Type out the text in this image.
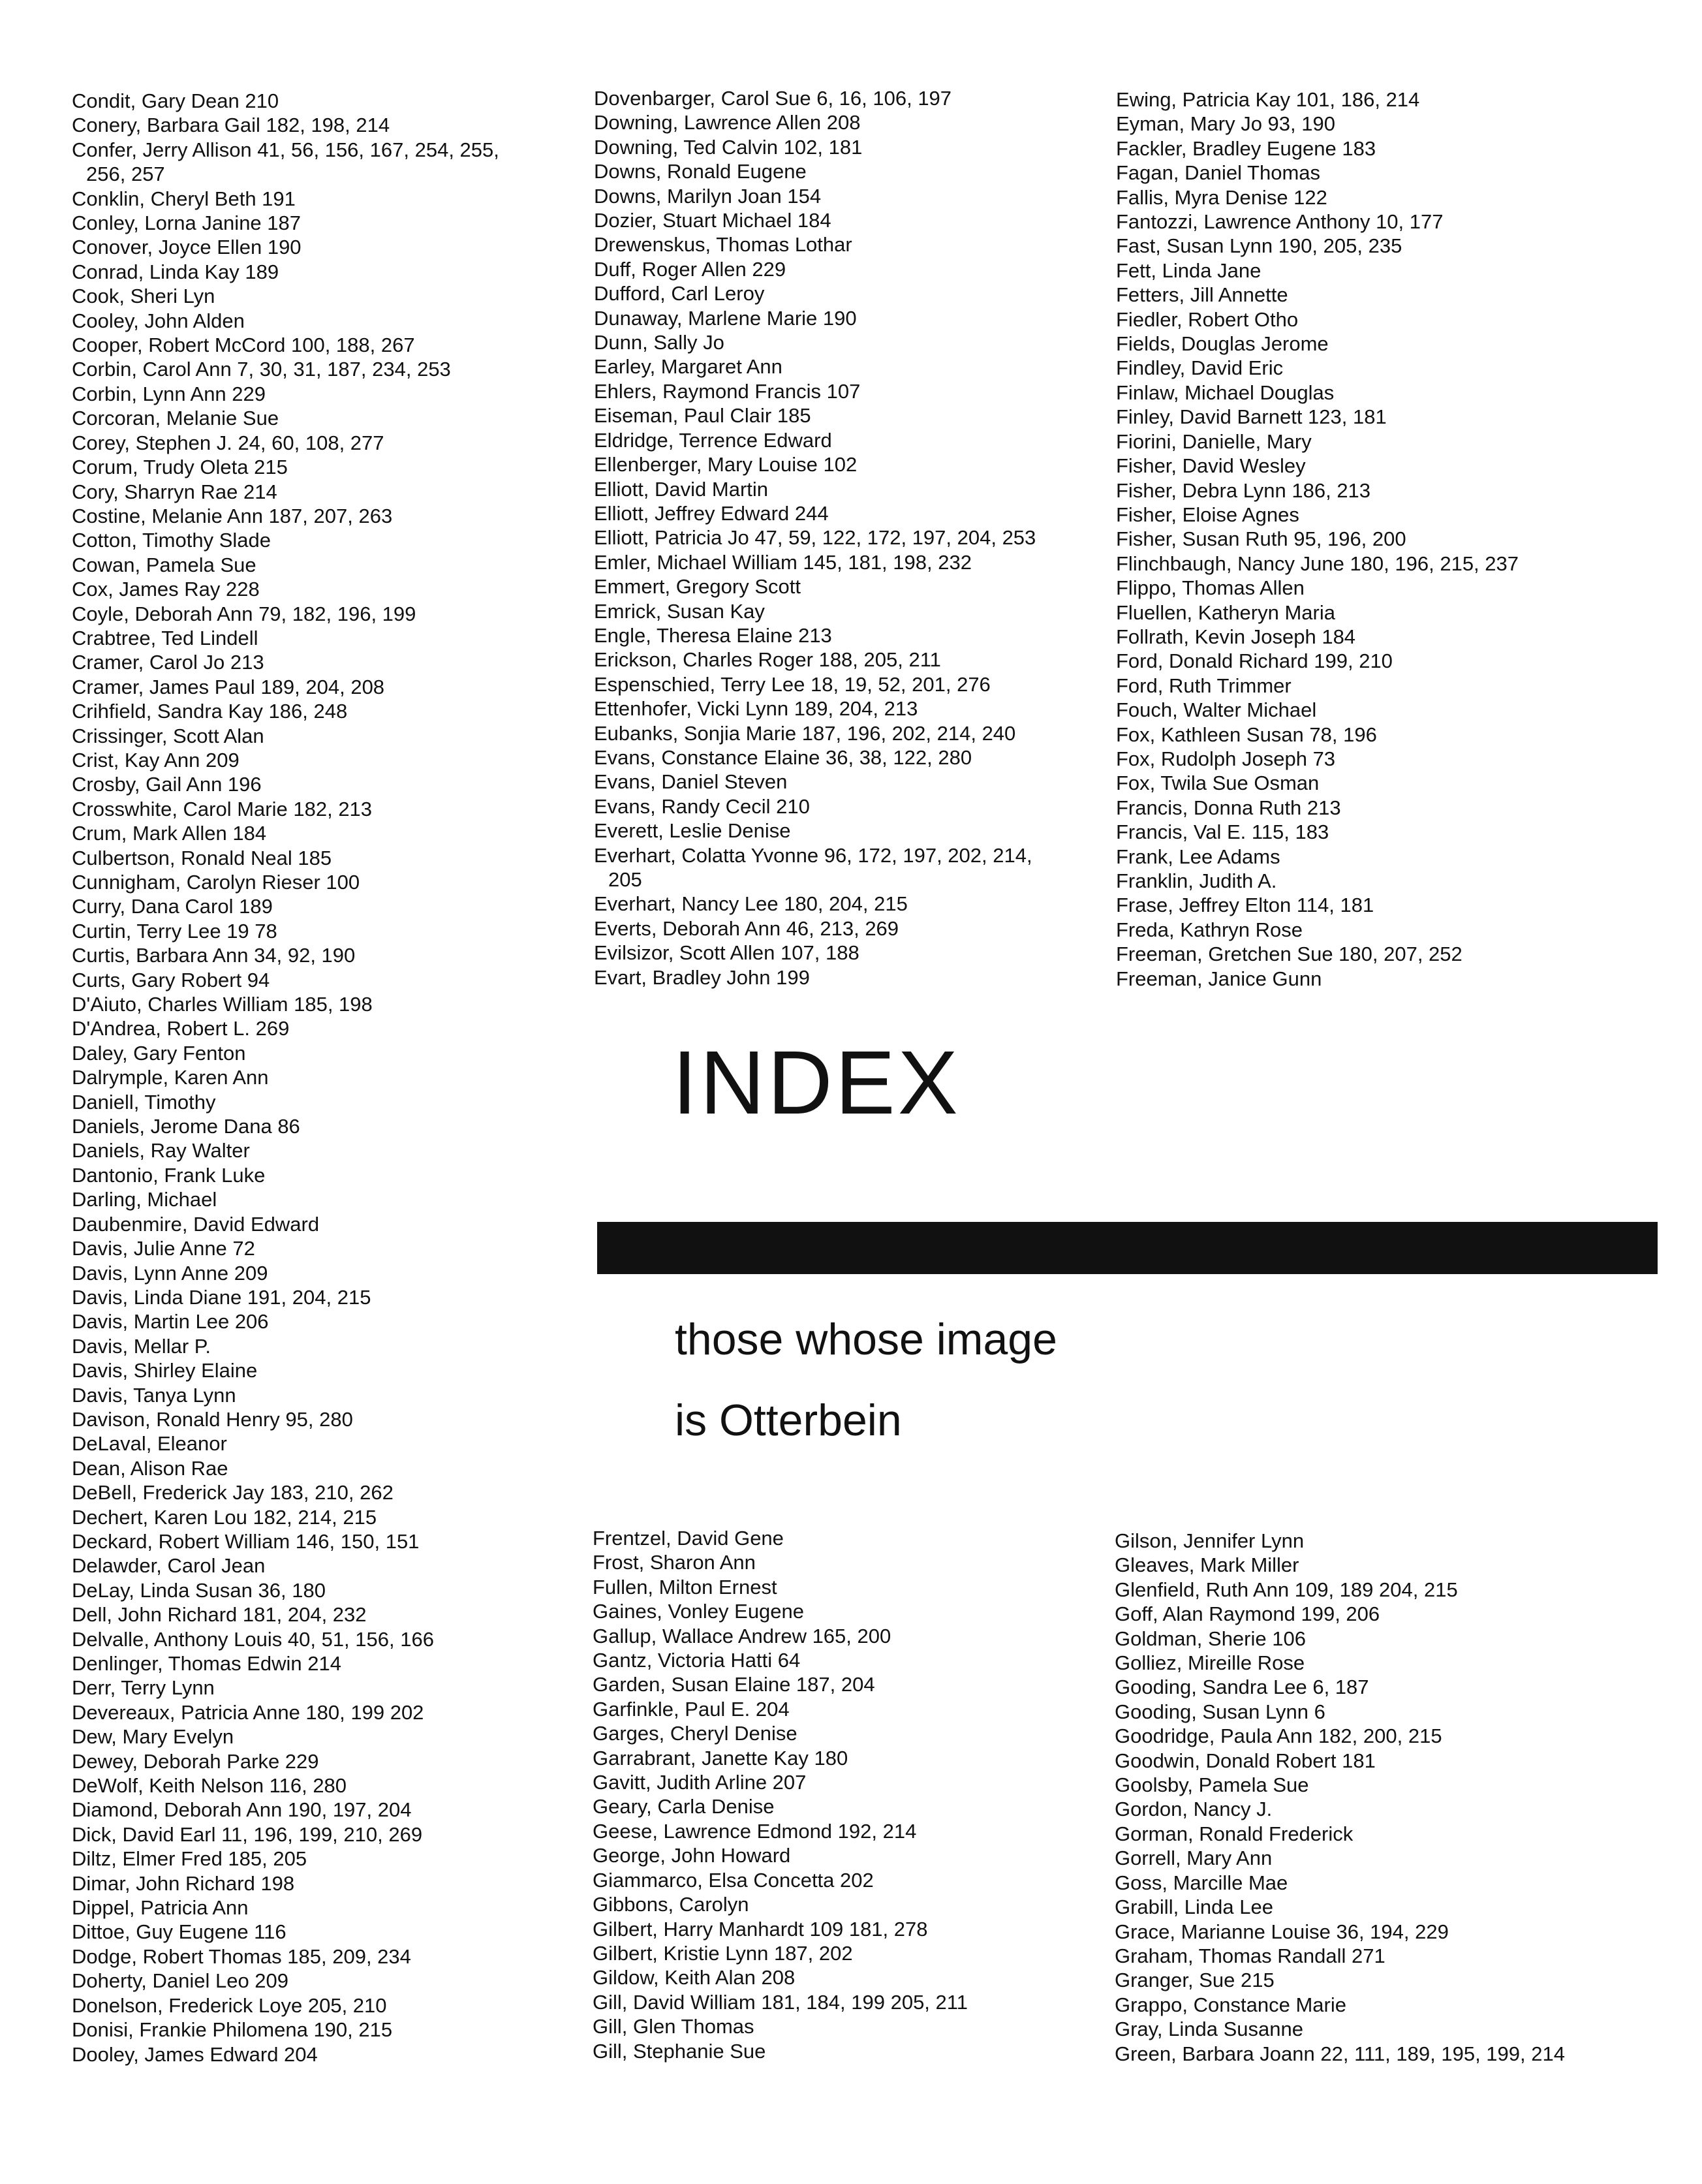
Condit, Gary Dean 210
Conery, Barbara Gail 182, 198, 214
Confer, Jerry Allison 41, 56, 156, 167, 254, 255, 256, 257
Conklin, Cheryl Beth 191
Conley, Lorna Janine 187
Conover, Joyce Ellen 190
Conrad, Linda Kay 189
Cook, Sheri Lyn
Cooley, John Alden
Cooper, Robert McCord 100, 188, 267
Corbin, Carol Ann 7, 30, 31, 187, 234, 253
Corbin, Lynn Ann 229
Corcoran, Melanie Sue
Corey, Stephen J. 24, 60, 108, 277
Corum, Trudy Oleta 215
Cory, Sharryn Rae 214
Costine, Melanie Ann 187, 207, 263
Cotton, Timothy Slade
Cowan, Pamela Sue
Cox, James Ray 228
Coyle, Deborah Ann 79, 182, 196, 199
Crabtree, Ted Lindell
Cramer, Carol Jo 213
Cramer, James Paul 189, 204, 208
Crihfield, Sandra Kay 186, 248
Crissinger, Scott Alan
Crist, Kay Ann 209
Crosby, Gail Ann 196
Crosswhite, Carol Marie 182, 213
Crum, Mark Allen 184
Culbertson, Ronald Neal 185
Cunnigham, Carolyn Rieser 100
Curry, Dana Carol 189
Curtin, Terry Lee 19 78
Curtis, Barbara Ann 34, 92, 190
Curts, Gary Robert 94
D'Aiuto, Charles William 185, 198
D'Andrea, Robert L. 269
Daley, Gary Fenton
Dalrymple, Karen Ann
Daniell, Timothy
Daniels, Jerome Dana 86
Daniels, Ray Walter
Dantonio, Frank Luke
Darling, Michael
Daubenmire, David Edward
Davis, Julie Anne 72
Davis, Lynn Anne 209
Davis, Linda Diane 191, 204, 215
Davis, Martin Lee 206
Davis, Mellar P.
Davis, Shirley Elaine
Davis, Tanya Lynn
Davison, Ronald Henry 95, 280
DeLaval, Eleanor
Dean, Alison Rae
DeBell, Frederick Jay 183, 210, 262
Dechert, Karen Lou 182, 214, 215
Deckard, Robert William 146, 150, 151
Delawder, Carol Jean
DeLay, Linda Susan 36, 180
Dell, John Richard 181, 204, 232
Delvalle, Anthony Louis 40, 51, 156, 166
Denlinger, Thomas Edwin 214
Derr, Terry Lynn
Devereaux, Patricia Anne 180, 199 202
Dew, Mary Evelyn
Dewey, Deborah Parke 229
DeWolf, Keith Nelson 116, 280
Diamond, Deborah Ann 190, 197, 204
Dick, David Earl 11, 196, 199, 210, 269
Diltz, Elmer Fred 185, 205
Dimar, John Richard 198
Dippel, Patricia Ann
Dittoe, Guy Eugene 116
Dodge, Robert Thomas 185, 209, 234
Doherty, Daniel Leo 209
Donelson, Frederick Loye 205, 210
Donisi, Frankie Philomena 190, 215
Dooley, James Edward 204
Dovenbarger, Carol Sue 6, 16, 106, 197
Downing, Lawrence Allen 208
Downing, Ted Calvin 102, 181
Downs, Ronald Eugene
Downs, Marilyn Joan 154
Dozier, Stuart Michael 184
Drewenskus, Thomas Lothar
Duff, Roger Allen 229
Dufford, Carl Leroy
Dunaway, Marlene Marie 190
Dunn, Sally Jo
Earley, Margaret Ann
Ehlers, Raymond Francis 107
Eiseman, Paul Clair 185
Eldridge, Terrence Edward
Ellenberger, Mary Louise 102
Elliott, David Martin
Elliott, Jeffrey Edward 244
Elliott, Patricia Jo 47, 59, 122, 172, 197, 204, 253
Emler, Michael William 145, 181, 198, 232
Emmert, Gregory Scott
Emrick, Susan Kay
Engle, Theresa Elaine 213
Erickson, Charles Roger 188, 205, 211
Espenschied, Terry Lee 18, 19, 52, 201, 276
Ettenhofer, Vicki Lynn 189, 204, 213
Eubanks, Sonjia Marie 187, 196, 202, 214, 240
Evans, Constance Elaine 36, 38, 122, 280
Evans, Daniel Steven
Evans, Randy Cecil 210
Everett, Leslie Denise
Everhart, Colatta Yvonne 96, 172, 197, 202, 214, 205
Everhart, Nancy Lee 180, 204, 215
Everts, Deborah Ann 46, 213, 269
Evilsizor, Scott Allen 107, 188
Evart, Bradley John 199
Ewing, Patricia Kay 101, 186, 214
Eyman, Mary Jo 93, 190
Fackler, Bradley Eugene 183
Fagan, Daniel Thomas
Fallis, Myra Denise 122
Fantozzi, Lawrence Anthony 10, 177
Fast, Susan Lynn 190, 205, 235
Fett, Linda Jane
Fetters, Jill Annette
Fiedler, Robert Otho
Fields, Douglas Jerome
Findley, David Eric
Finlaw, Michael Douglas
Finley, David Barnett 123, 181
Fiorini, Danielle, Mary
Fisher, David Wesley
Fisher, Debra Lynn 186, 213
Fisher, Eloise Agnes
Fisher, Susan Ruth 95, 196, 200
Flinchbaugh, Nancy June 180, 196, 215, 237
Flippo, Thomas Allen
Fluellen, Katheryn Maria
Follrath, Kevin Joseph 184
Ford, Donald Richard 199, 210
Ford, Ruth Trimmer
Fouch, Walter Michael
Fox, Kathleen Susan 78, 196
Fox, Rudolph Joseph 73
Fox, Twila Sue Osman
Francis, Donna Ruth 213
Francis, Val E. 115, 183
Frank, Lee Adams
Franklin, Judith A.
Frase, Jeffrey Elton 114, 181
Freda, Kathryn Rose
Freeman, Gretchen Sue 180, 207, 252
Freeman, Janice Gunn
INDEX
those whose image
is Otterbein
Frentzel, David Gene
Frost, Sharon Ann
Fullen, Milton Ernest
Gaines, Vonley Eugene
Gallup, Wallace Andrew 165, 200
Gantz, Victoria Hatti 64
Garden, Susan Elaine 187, 204
Garfinkle, Paul E. 204
Garges, Cheryl Denise
Garrabrant, Janette Kay 180
Gavitt, Judith Arline 207
Geary, Carla Denise
Geese, Lawrence Edmond 192, 214
George, John Howard
Giammarco, Elsa Concetta 202
Gibbons, Carolyn
Gilbert, Harry Manhardt 109 181, 278
Gilbert, Kristie Lynn 187, 202
Gildow, Keith Alan 208
Gill, David William 181, 184, 199 205, 211
Gill, Glen Thomas
Gill, Stephanie Sue
Gilson, Jennifer Lynn
Gleaves, Mark Miller
Glenfield, Ruth Ann 109, 189 204, 215
Goff, Alan Raymond 199, 206
Goldman, Sherie 106
Golliez, Mireille Rose
Gooding, Sandra Lee 6, 187
Gooding, Susan Lynn 6
Goodridge, Paula Ann 182, 200, 215
Goodwin, Donald Robert 181
Goolsby, Pamela Sue
Gordon, Nancy J.
Gorman, Ronald Frederick
Gorrell, Mary Ann
Goss, Marcille Mae
Grabill, Linda Lee
Grace, Marianne Louise 36, 194, 229
Graham, Thomas Randall 271
Granger, Sue 215
Grappo, Constance Marie
Gray, Linda Susanne
Green, Barbara Joann 22, 111, 189, 195, 199, 214
